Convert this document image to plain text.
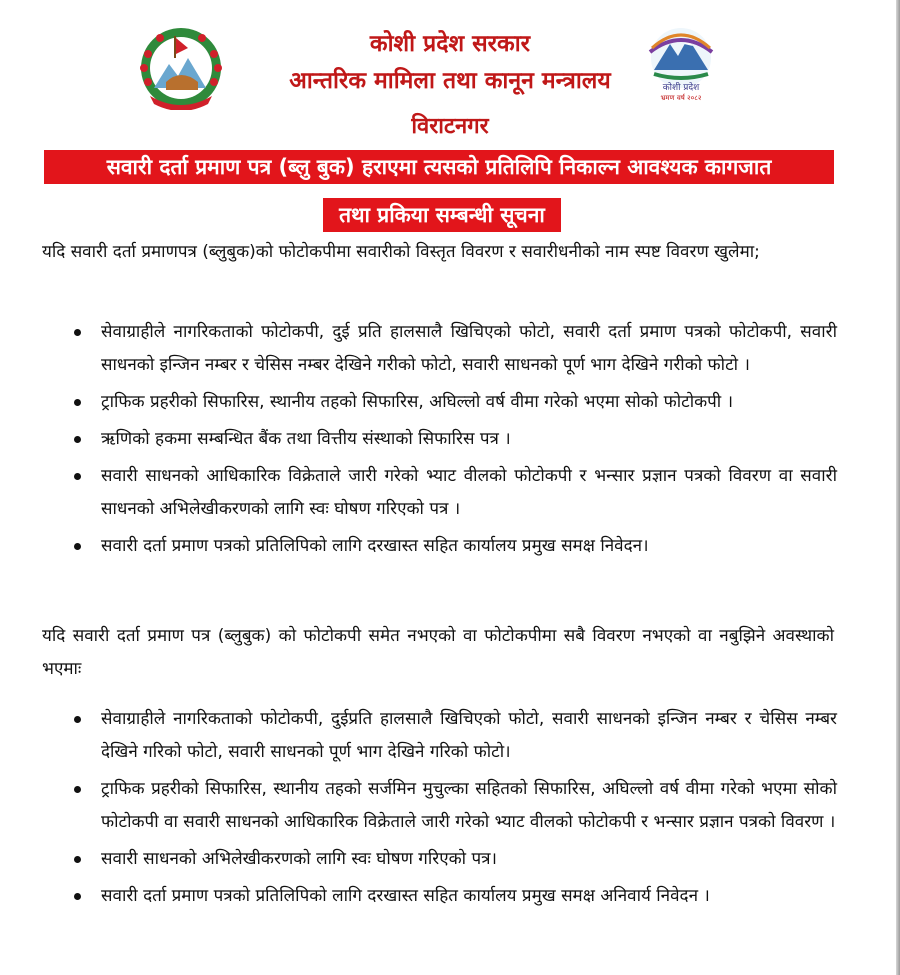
कोशी प्रदेश
भ्रमण वर्ष २०८२
कोशी प्रदेश सरकार
आन्तरिक मामिला तथा कानून मन्त्रालय
विराटनगर
सवारी दर्ता प्रमाण पत्र (ब्लु बुक) हराएमा त्यसको प्रतिलिपि निकाल्न आवश्यक कागजात
तथा प्रकिया सम्बन्धी सूचना

यदि सवारी दर्ता प्रमाणपत्र (ब्लुबुक)को फोटोकपीमा सवारीको विस्तृत विवरण र सवारीधनीको नाम स्पष्ट विवरण खुलेमा;

सेवाग्राहीले नागरिकताको फोटोकपी, दुई प्रति हालसालै खिचिएको फोटो, सवारी दर्ता प्रमाण पत्रको फोटोकपी, सवारी साधनको इन्जिन नम्बर र चेसिस नम्बर देखिने गरीको फोटो, सवारी साधनको पूर्ण भाग देखिने गरीको फोटो ।
ट्राफिक प्रहरीको सिफारिस, स्थानीय तहको सिफारिस, अघिल्लो वर्ष वीमा गरेको भएमा सोको फोटोकपी ।
ऋणिको हकमा सम्बन्धित बैंक तथा वित्तीय संस्थाको सिफारिस पत्र ।
सवारी साधनको आधिकारिक विक्रेताले जारी गरेको भ्याट वीलको फोटोकपी र भन्सार प्रज्ञान पत्रको विवरण वा सवारी साधनको अभिलेखीकरणको लागि स्वः घोषण गरिएको पत्र ।
सवारी दर्ता प्रमाण पत्रको प्रतिलिपिको लागि दरखास्त सहित कार्यालय प्रमुख समक्ष निवेदन।

यदि सवारी दर्ता प्रमाण पत्र (ब्लुबुक) को फोटोकपी समेत नभएको वा फोटोकपीमा सबै विवरण नभएको वा नबुझिने अवस्थाको भएमाः

सेवाग्राहीले नागरिकताको फोटोकपी, दुईप्रति हालसालै खिचिएको फोटो, सवारी साधनको इन्जिन नम्बर र चेसिस नम्बर देखिने गरिको फोटो, सवारी साधनको पूर्ण भाग देखिने गरिको फोटो।
ट्राफिक प्रहरीको सिफारिस, स्थानीय तहको सर्जमिन मुचुल्का सहितको सिफारिस, अघिल्लो वर्ष वीमा गरेको भएमा सोको फोटोकपी वा सवारी साधनको आधिकारिक विक्रेताले जारी गरेको भ्याट वीलको फोटोकपी र भन्सार प्रज्ञान पत्रको विवरण ।
सवारी साधनको अभिलेखीकरणको लागि स्वः घोषण गरिएको पत्र।
सवारी दर्ता प्रमाण पत्रको प्रतिलिपिको लागि दरखास्त सहित कार्यालय प्रमुख समक्ष अनिवार्य निवेदन ।
